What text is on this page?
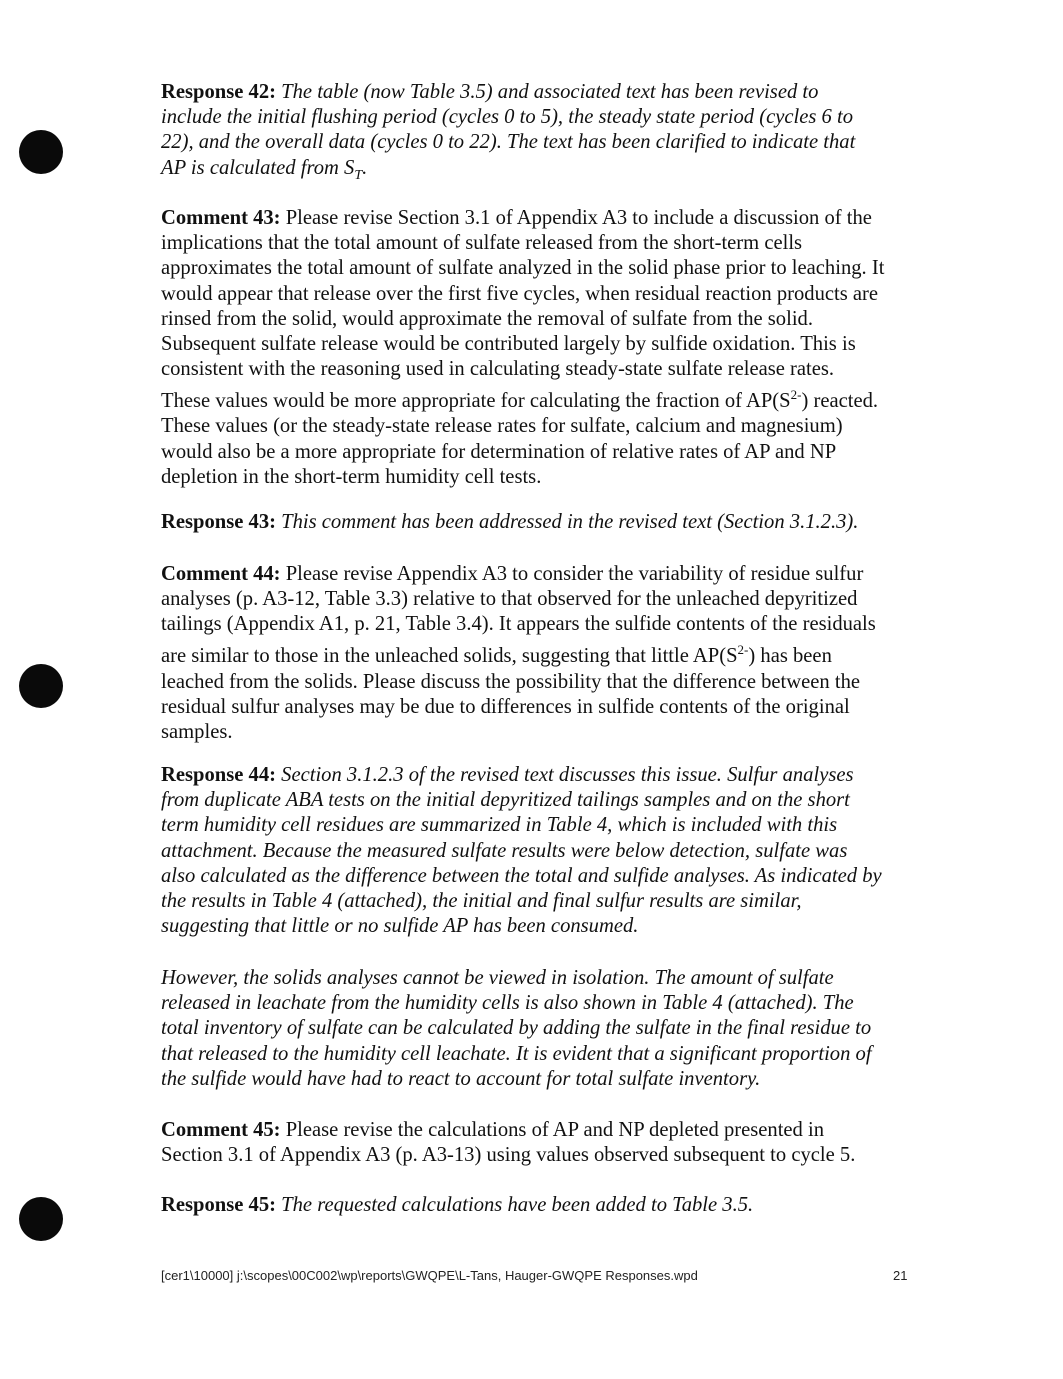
Response 42: The table (now Table 3.5) and associated text has been revised to
include the initial flushing period (cycles 0 to 5), the steady state period (cycles 6 to
22), and the overall data (cycles 0 to 22). The text has been clarified to indicate that
AP is calculated from $S_T$.
Comment 43: Please revise Section 3.1 of Appendix A3 to include a discussion of the
implications that the total amount of sulfate released from the short-term cells
approximates the total amount of sulfate analyzed in the solid phase prior to leaching. It
would appear that release over the first five cycles, when residual reaction products are
rinsed from the solid, would approximate the removal of sulfate from the solid.
Subsequent sulfate release would be contributed largely by sulfide oxidation. This is
consistent with the reasoning used in calculating steady-state sulfate release rates.
These values would be more appropriate for calculating the fraction of $AP(S^{2-})$ reacted.
These values (or the steady-state release rates for sulfate, calcium and magnesium)
would also be a more appropriate for determination of relative rates of AP and NP
depletion in the short-term humidity cell tests.
Response 43: This comment has been addressed in the revised text (Section 3.1.2.3).
Comment 44: Please revise Appendix A3 to consider the variability of residue sulfur
analyses (p. A3-12, Table 3.3) relative to that observed for the unleached depyritized
tailings (Appendix A1, p. 21, Table 3.4). It appears the sulfide contents of the residuals
are similar to those in the unleached solids, suggesting that little $AP(S^{2-})$ has been
leached from the solids. Please discuss the possibility that the difference between the
residual sulfur analyses may be due to differences in sulfide contents of the original
samples.
Response 44: Section 3.1.2.3 of the revised text discusses this issue. Sulfur analyses
from duplicate ABA tests on the initial depyritized tailings samples and on the short
term humidity cell residues are summarized in Table 4, which is included with this
attachment. Because the measured sulfate results were below detection, sulfate was
also calculated as the difference between the total and sulfide analyses. As indicated by
the results in Table 4 (attached), the initial and final sulfur results are similar,
suggesting that little or no sulfide AP has been consumed.
However, the solids analyses cannot be viewed in isolation. The amount of sulfate
released in leachate from the humidity cells is also shown in Table 4 (attached). The
total inventory of sulfate can be calculated by adding the sulfate in the final residue to
that released to the humidity cell leachate. It is evident that a significant proportion of
the sulfide would have had to react to account for total sulfate inventory.
Comment 45: Please revise the calculations of AP and NP depleted presented in
Section 3.1 of Appendix A3 (p. A3-13) using values observed subsequent to cycle 5.
Response 45: The requested calculations have been added to Table 3.5.
[cer1\10000] j:\scopes\00C002\wp\reports\GWQPE\L-Tans, Hauger-GWQPE Responses.wpd	21
